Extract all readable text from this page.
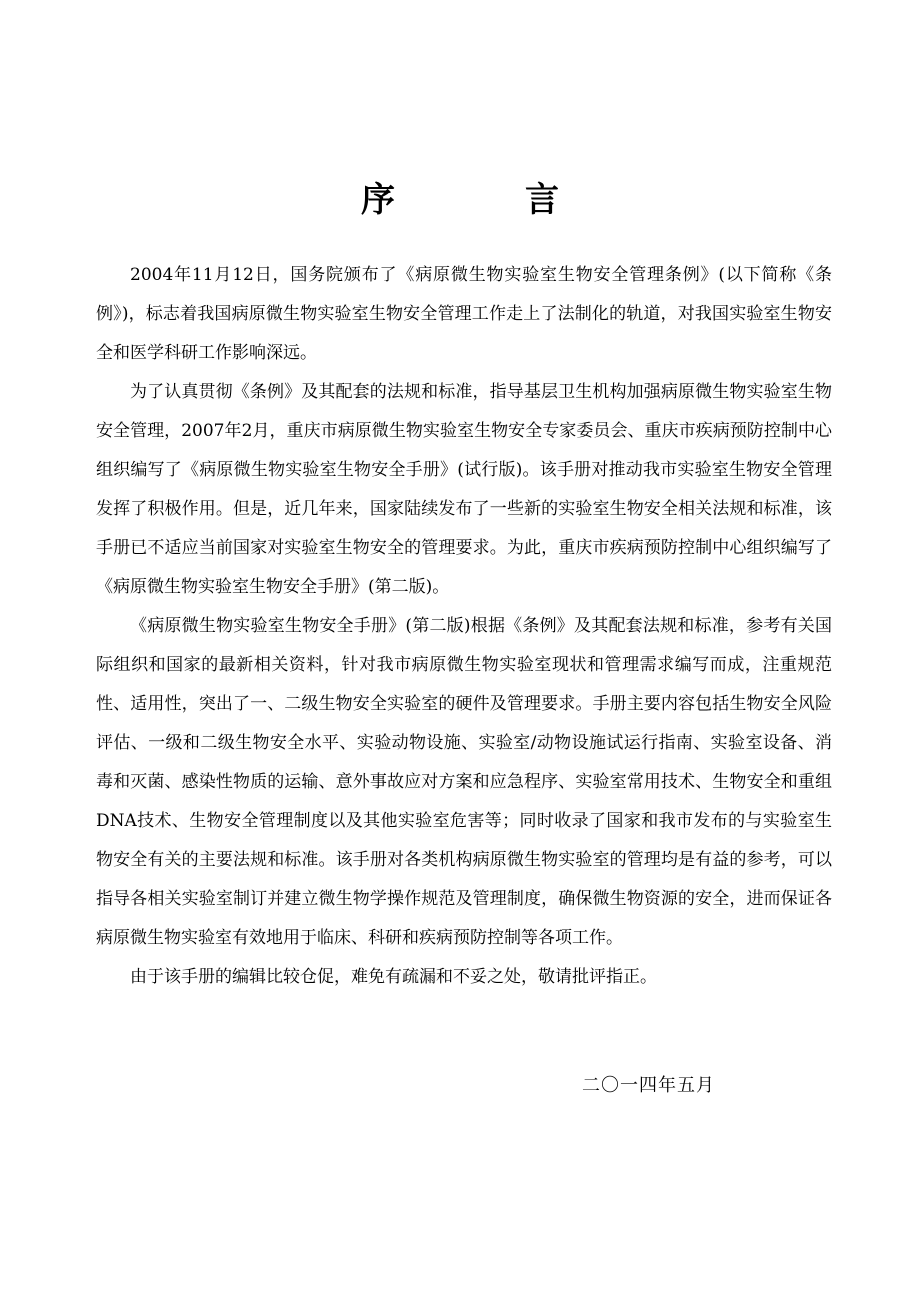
序　言

2004年11月12日，国务院颁布了《病原微生物实验室生物安全管理条例》(以下简称《条例》)，标志着我国病原微生物实验室生物安全管理工作走上了法制化的轨道，对我国实验室生物安全和医学科研工作影响深远。

为了认真贯彻《条例》及其配套的法规和标准，指导基层卫生机构加强病原微生物实验室生物安全管理，2007年2月，重庆市病原微生物实验室生物安全专家委员会、重庆市疾病预防控制中心组织编写了《病原微生物实验室生物安全手册》(试行版)。该手册对推动我市实验室生物安全管理发挥了积极作用。但是，近几年来，国家陆续发布了一些新的实验室生物安全相关法规和标准，该手册已不适应当前国家对实验室生物安全的管理要求。为此，重庆市疾病预防控制中心组织编写了《病原微生物实验室生物安全手册》(第二版)。

《病原微生物实验室生物安全手册》(第二版)根据《条例》及其配套法规和标准，参考有关国际组织和国家的最新相关资料，针对我市病原微生物实验室现状和管理需求编写而成，注重规范性、适用性，突出了一、二级生物安全实验室的硬件及管理要求。手册主要内容包括生物安全风险评估、一级和二级生物安全水平、实验动物设施、实验室/动物设施试运行指南、实验室设备、消毒和灭菌、感染性物质的运输、意外事故应对方案和应急程序、实验室常用技术、生物安全和重组DNA技术、生物安全管理制度以及其他实验室危害等；同时收录了国家和我市发布的与实验室生物安全有关的主要法规和标准。该手册对各类机构病原微生物实验室的管理均是有益的参考，可以指导各相关实验室制订并建立微生物学操作规范及管理制度，确保微生物资源的安全，进而保证各病原微生物实验室有效地用于临床、科研和疾病预防控制等各项工作。

由于该手册的编辑比较仓促，难免有疏漏和不妥之处，敬请批评指正。

二〇一四年五月
